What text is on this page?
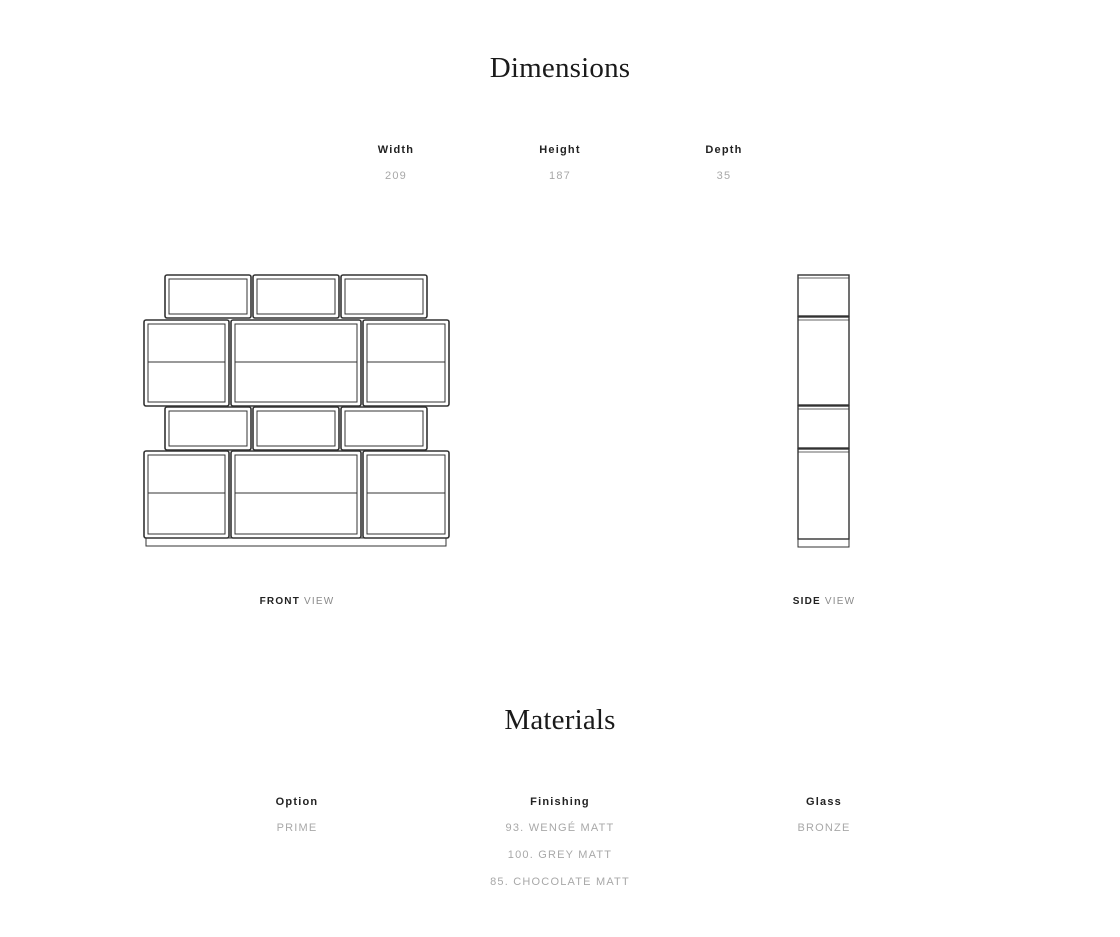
Dimensions
Width
209
Height
187
Depth
35
FRONT VIEW	SIDE VIEW
Materials
Option
PRIME
Finishing
93. WENGÉ MATT
100. GREY MATT
85. CHOCOLATE MATT
Glass
BRONZE
